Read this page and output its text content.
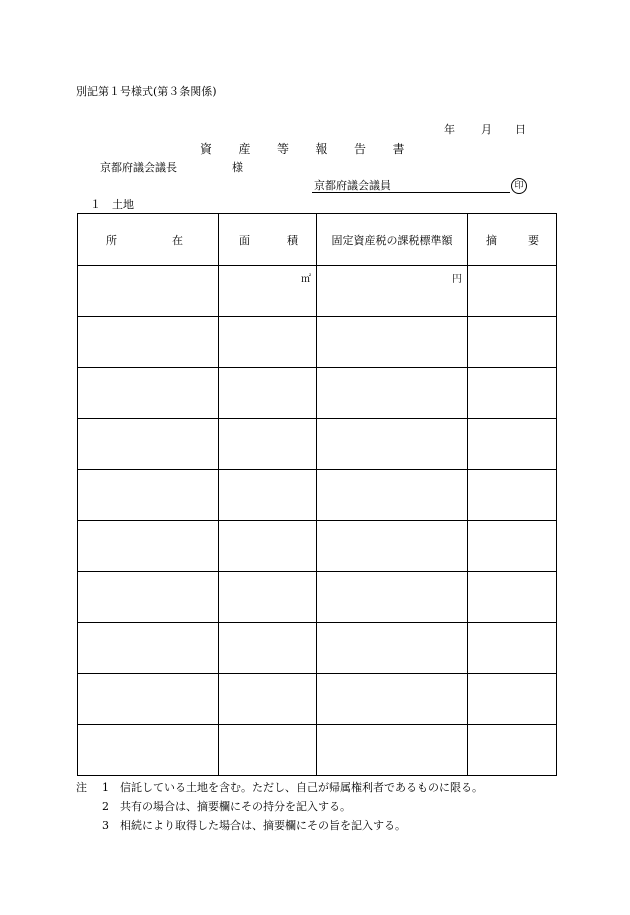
別記第１号様式(第３条関係)
年 月 日
資	産	等	報	告	書
京都府議会議長	様
京都府議会議員	印
１　土地
所 在	面 積	固定資産税の課税標準額	摘 要

	㎡	円	

注 1 信託している土地を含む。ただし、自己が帰属権利者であるものに限る。
2 共有の場合は、摘要欄にその持分を記入する。
3 相続により取得した場合は、摘要欄にその旨を記入する。
